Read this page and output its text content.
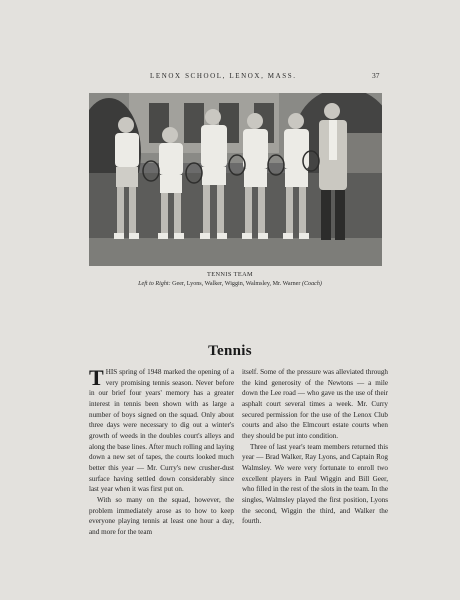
LENOX SCHOOL, LENOX, MASS.	37
TENNIS TEAM
Left to Right: Geer, Lyons, Walker, Wiggin, Walmsley, Mr. Warner (Coach)
Tennis

THIS spring of 1948 marked the opening of a very promising tennis season. Never before in our brief four years' memory has a greater interest in tennis been shown with as large a number of boys signed on the squad. Only about three days were necessary to dig out a winter's growth of weeds in the doubles court's alleys and along the base lines. After much rolling and laying down a new set of tapes, the courts looked much better this year — Mr. Curry's new crusher-dust surface having settled down considerably since last year when it was first put on.

With so many on the squad, however, the problem immediately arose as to how to keep everyone playing tennis at least one hour a day, and more for the team

itself. Some of the pressure was alleviated through the kind generosity of the Newtons — a mile down the Lee road — who gave us the use of their asphalt court several times a week. Mr. Curry secured permission for the use of the Lenox Club courts and also the Elmcourt estate courts when they should be put into condition.

Three of last year's team members returned this year — Brad Walker, Ray Lyons, and Captain Rog Walmsley. We were very fortunate to enroll two excellent players in Paul Wiggin and Bill Geer, who filled in the rest of the slots in the team. In the singles, Walmsley played the first position, Lyons the second, Wiggin the third, and Walker the fourth.
